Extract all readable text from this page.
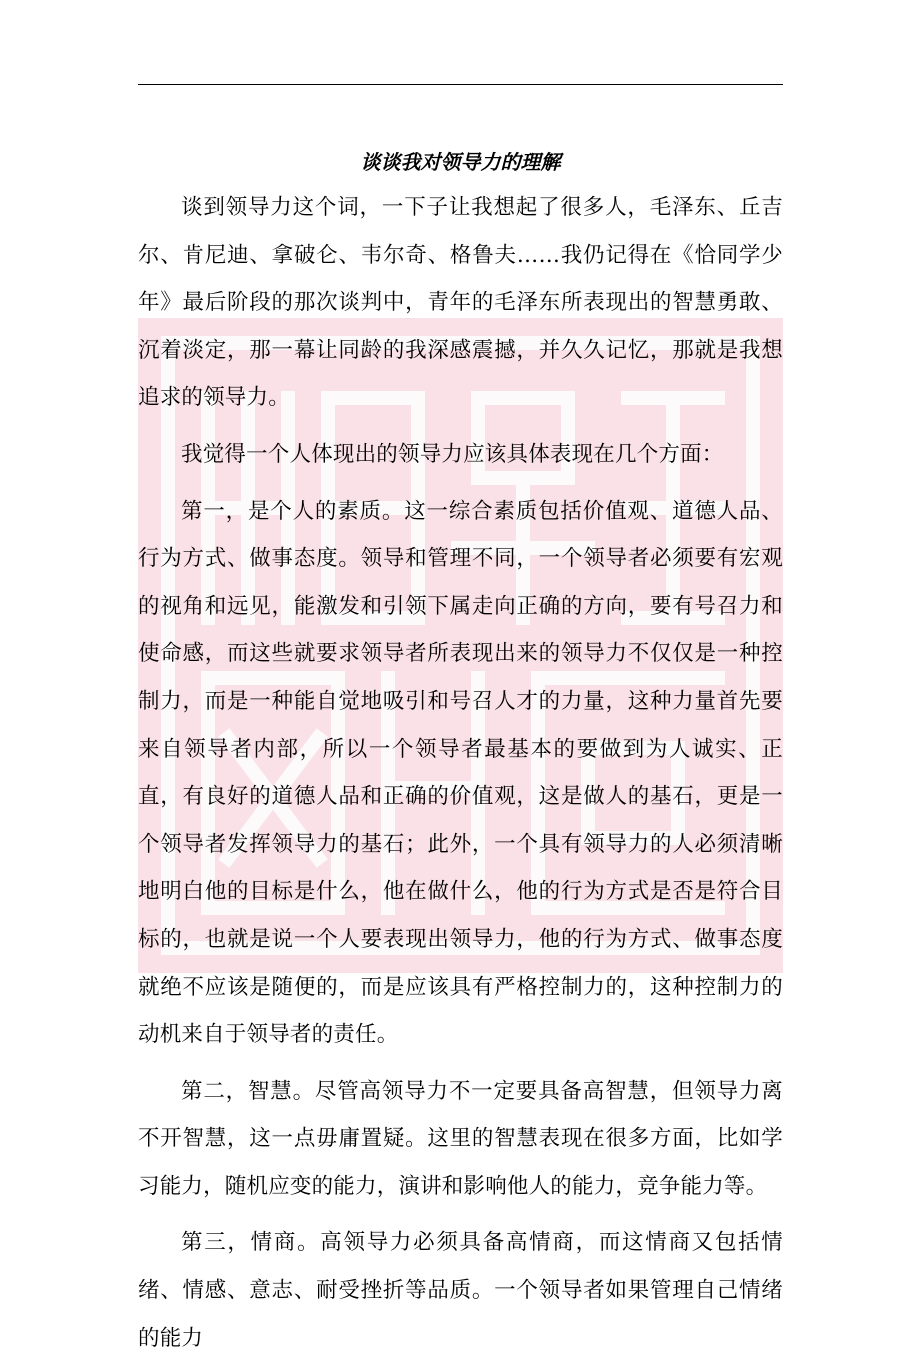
谈谈我对领导力的理解

谈到领导力这个词，一下子让我想起了很多人，毛泽东、丘吉尔、肯尼迪、拿破仑、韦尔奇、格鲁夫……我仍记得在《恰同学少年》最后阶段的那次谈判中，青年的毛泽东所表现出的智慧勇敢、沉着淡定，那一幕让同龄的我深感震撼，并久久记忆，那就是我想追求的领导力。

我觉得一个人体现出的领导力应该具体表现在几个方面：

第一，是个人的素质。这一综合素质包括价值观、道德人品、行为方式、做事态度。领导和管理不同，一个领导者必须要有宏观的视角和远见，能激发和引领下属走向正确的方向，要有号召力和使命感，而这些就要求领导者所表现出来的领导力不仅仅是一种控制力，而是一种能自觉地吸引和号召人才的力量，这种力量首先要来自领导者内部，所以一个领导者最基本的要做到为人诚实、正直，有良好的道德人品和正确的价值观，这是做人的基石，更是一个领导者发挥领导力的基石；此外，一个具有领导力的人必须清晰地明白他的目标是什么，他在做什么，他的行为方式是否是符合目标的，也就是说一个人要表现出领导力，他的行为方式、做事态度就绝不应该是随便的，而是应该具有严格控制力的，这种控制力的动机来自于领导者的责任。

第二，智慧。尽管高领导力不一定要具备高智慧，但领导力离不开智慧，这一点毋庸置疑。这里的智慧表现在很多方面，比如学习能力，随机应变的能力，演讲和影响他人的能力，竞争能力等。

第三，情商。高领导力必须具备高情商，而这情商又包括情绪、情感、意志、耐受挫折等品质。一个领导者如果管理自己情绪的能力
